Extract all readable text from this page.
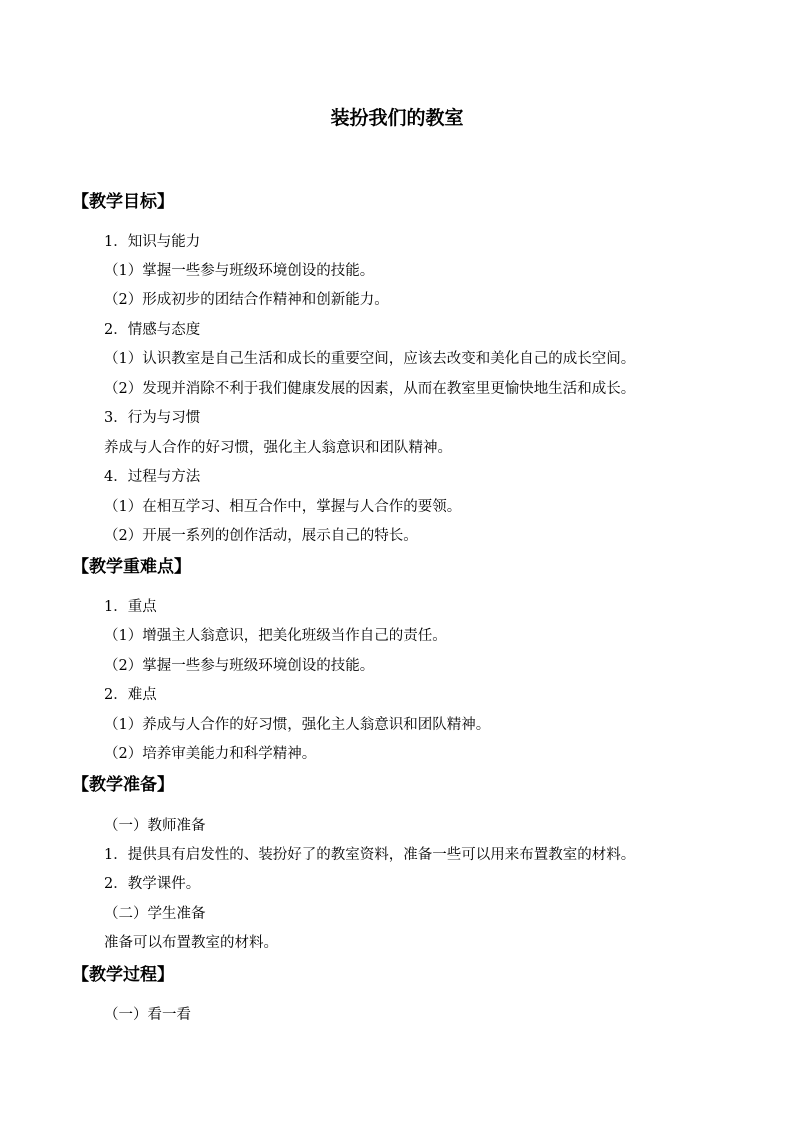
装扮我们的教室
【教学目标】
1．知识与能力
（1）掌握一些参与班级环境创设的技能。
（2）形成初步的团结合作精神和创新能力。
2．情感与态度
（1）认识教室是自己生活和成长的重要空间，应该去改变和美化自己的成长空间。
（2）发现并消除不利于我们健康发展的因素，从而在教室里更愉快地生活和成长。
3．行为与习惯
养成与人合作的好习惯，强化主人翁意识和团队精神。
4．过程与方法
（1）在相互学习、相互合作中，掌握与人合作的要领。
（2）开展一系列的创作活动，展示自己的特长。
【教学重难点】
1．重点
（1）增强主人翁意识，把美化班级当作自己的责任。
（2）掌握一些参与班级环境创设的技能。
2．难点
（1）养成与人合作的好习惯，强化主人翁意识和团队精神。
（2）培养审美能力和科学精神。
【教学准备】
（一）教师准备
1．提供具有启发性的、装扮好了的教室资料，准备一些可以用来布置教室的材料。
2．教学课件。
（二）学生准备
准备可以布置教室的材料。
【教学过程】
（一）看一看
